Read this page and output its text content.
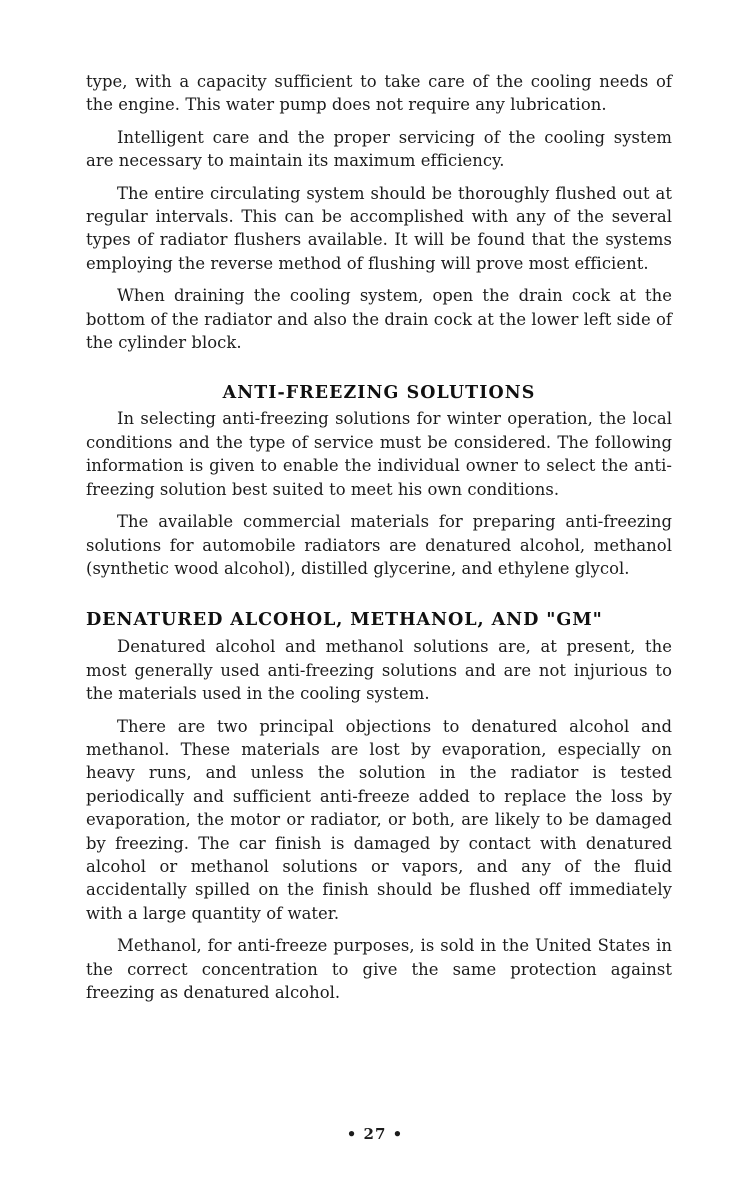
type, with a capacity sufficient to take care of the cooling needs of the engine. This water pump does not require any lubrication.

Intelligent care and the proper servicing of the cooling system are necessary to maintain its maximum efficiency.

The entire circulating system should be thoroughly flushed out at regular intervals. This can be accomplished with any of the several types of radiator flushers available. It will be found that the systems employing the reverse method of flushing will prove most efficient.

When draining the cooling system, open the drain cock at the bottom of the radiator and also the drain cock at the lower left side of the cylinder block.

ANTI-FREEZING SOLUTIONS

In selecting anti-freezing solutions for winter operation, the local conditions and the type of service must be considered. The following information is given to enable the individual owner to select the anti-freezing solution best suited to meet his own conditions.

The available commercial materials for preparing anti-freezing solutions for automobile radiators are denatured alcohol, methanol (synthetic wood alcohol), distilled glycerine, and ethylene glycol.

DENATURED ALCOHOL, METHANOL, AND "GM"

Denatured alcohol and methanol solutions are, at present, the most generally used anti-freezing solutions and are not injurious to the materials used in the cooling system.

There are two principal objections to denatured alcohol and methanol. These materials are lost by evaporation, especially on heavy runs, and unless the solution in the radiator is tested periodically and sufficient anti-freeze added to replace the loss by evaporation, the motor or radiator, or both, are likely to be damaged by freezing. The car finish is damaged by contact with denatured alcohol or methanol solutions or vapors, and any of the fluid accidentally spilled on the finish should be flushed off immediately with a large quantity of water.

Methanol, for anti-freeze purposes, is sold in the United States in the correct concentration to give the same protection against freezing as denatured alcohol.

• 27 •
